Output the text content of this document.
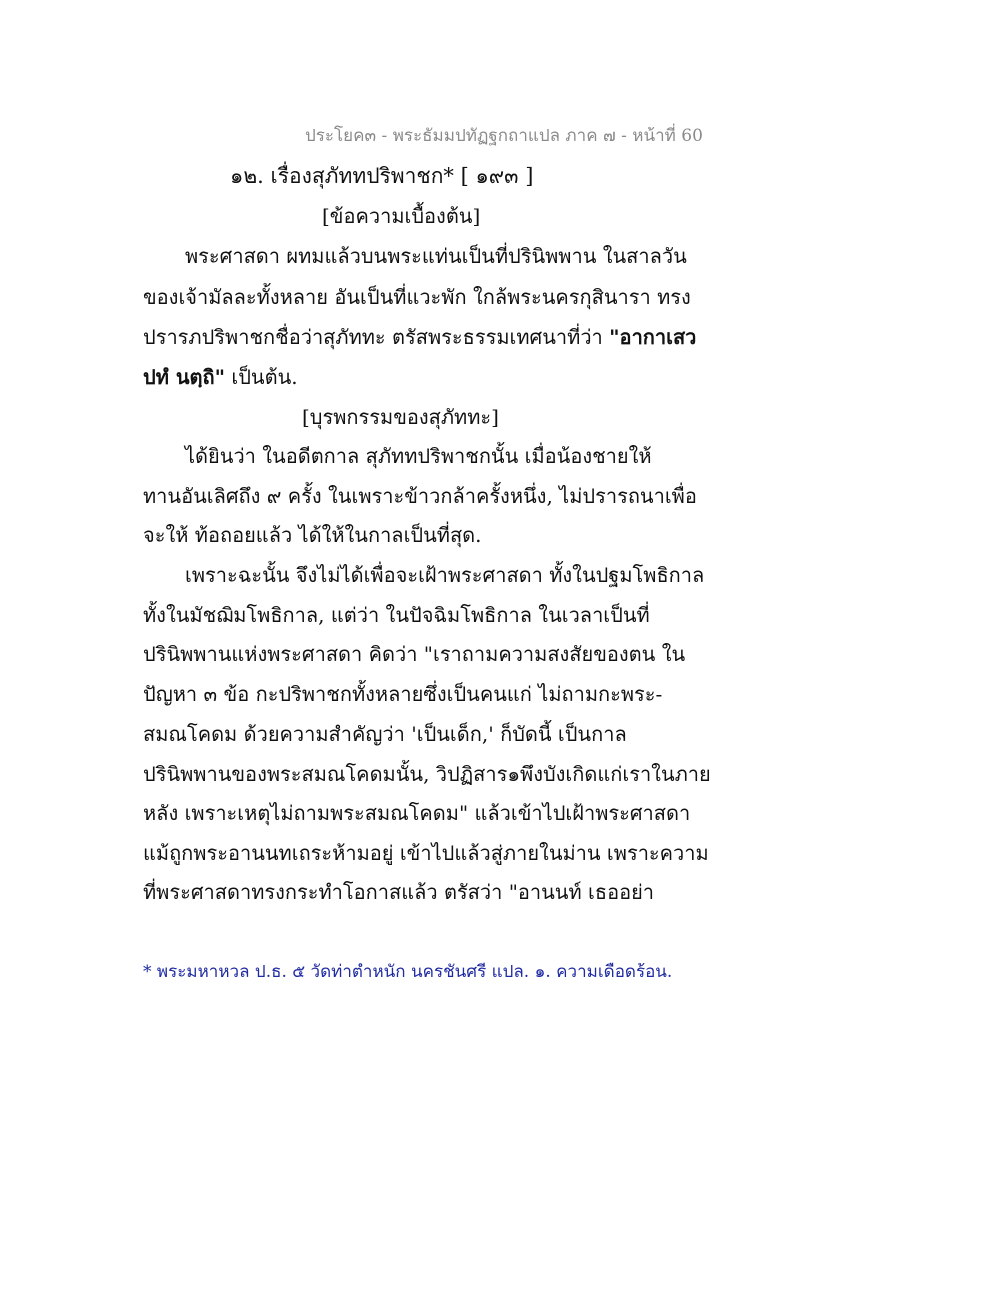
ประโยค๓ - พระธัมมปทัฏฐกถาแปล ภาค ๗ - หน้าที่ 60
๑๒. เรื่องสุภัททปริพาชก* [ ๑๙๓ ]
[ข้อความเบื้องต้น]
พระศาสดา ผทมแล้วบนพระแท่นเป็นที่ปรินิพพาน ในสาลวัน
ของเจ้ามัลละทั้งหลาย อันเป็นที่แวะพัก ใกล้พระนครกุสินารา ทรง
ปรารภปริพาชกชื่อว่าสุภัททะ ตรัสพระธรรมเทศนาที่ว่า "อากาเสว
ปทํ นตฺถิ" เป็นต้น.
[บุรพกรรมของสุภัททะ]
ได้ยินว่า ในอดีตกาล สุภัททปริพาชกนั้น เมื่อน้องชายให้
ทานอันเลิศถึง ๙ ครั้ง ในเพราะข้าวกล้าครั้งหนึ่ง, ไม่ปรารถนาเพื่อ
จะให้ ท้อถอยแล้ว ได้ให้ในกาลเป็นที่สุด.
เพราะฉะนั้น จึงไม่ได้เพื่อจะเฝ้าพระศาสดา ทั้งในปฐมโพธิกาล
ทั้งในมัชฌิมโพธิกาล, แต่ว่า ในปัจฉิมโพธิกาล ในเวลาเป็นที่
ปรินิพพานแห่งพระศาสดา คิดว่า "เราถามความสงสัยของตน ใน
ปัญหา ๓ ข้อ กะปริพาชกทั้งหลายซึ่งเป็นคนแก่ ไม่ถามกะพระ-
สมณโคดม ด้วยความสำคัญว่า 'เป็นเด็ก,' ก็บัดนี้ เป็นกาล
ปรินิพพานของพระสมณโคดมนั้น, วิปฏิสาร๑พึงบังเกิดแก่เราในภาย
หลัง เพราะเหตุไม่ถามพระสมณโคดม" แล้วเข้าไปเฝ้าพระศาสดา
แม้ถูกพระอานนทเถระห้ามอยู่ เข้าไปแล้วสู่ภายในม่าน เพราะความ
ที่พระศาสดาทรงกระทำโอกาสแล้ว ตรัสว่า "อานนท์ เธออย่า
* พระมหาหวล ป.ธ. ๕ วัดท่าตำหนัก นครชันศรี แปล. ๑. ความเดือดร้อน.
